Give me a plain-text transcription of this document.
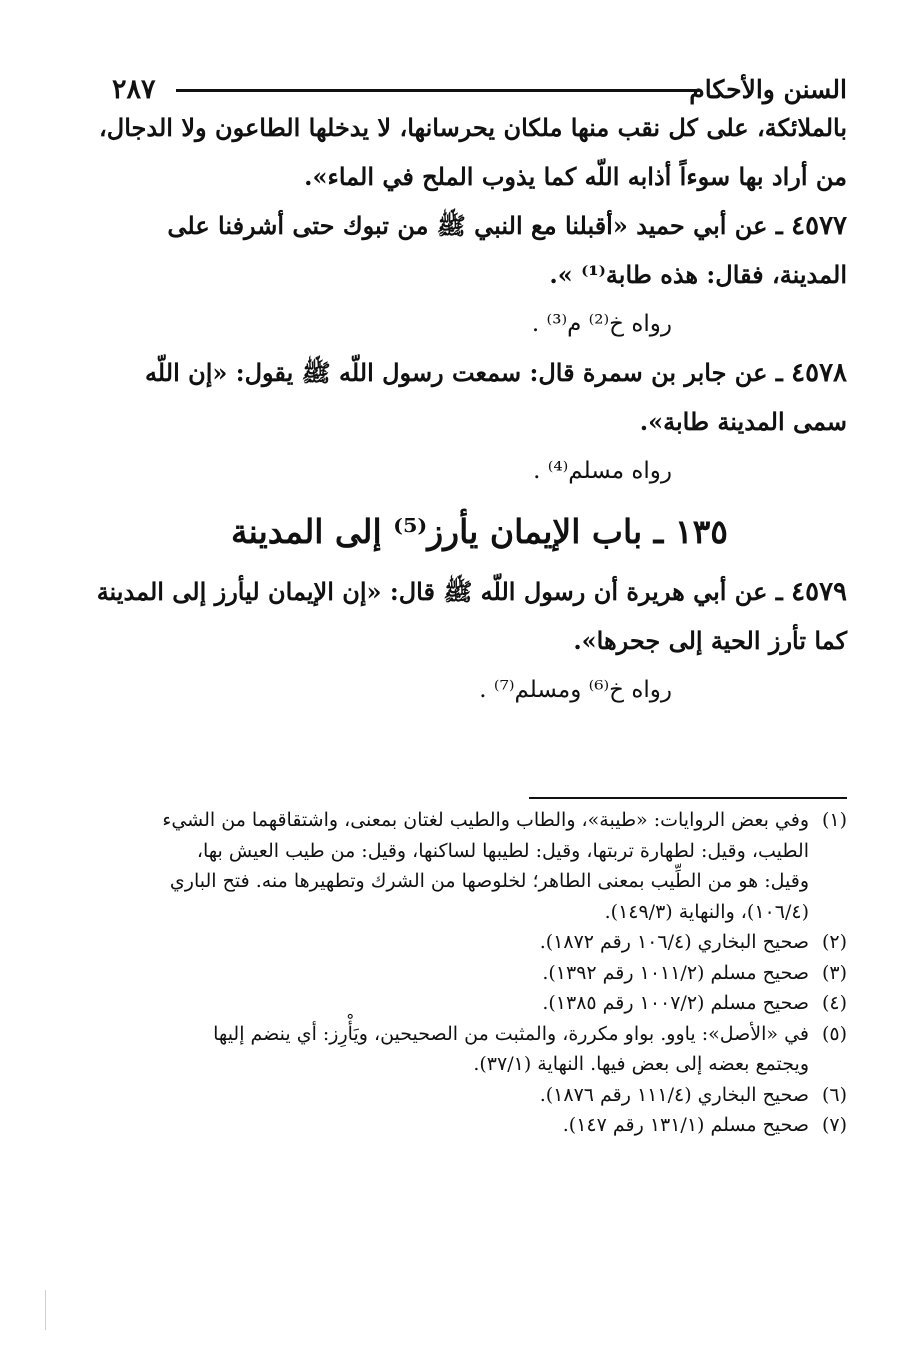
السنن والأحكام
٢٨٧
بالملائكة، على كل نقب منها ملكان يحرسانها، لا يدخلها الطاعون ولا الدجال،
من أراد بها سوءاً أذابه اللّه كما يذوب الملح في الماء».
٤٥٧٧ ـ عن أبي حميد «أقبلنا مع النبي ﷺ من تبوك حتى أشرفنا على
المدينة، فقال: هذه طابة⁽¹⁾ ».
رواه خ⁽²⁾ م⁽³⁾ .
٤٥٧٨ ـ عن جابر بن سمرة قال: سمعت رسول اللّه ﷺ يقول: «إن اللّه
سمى المدينة طابة».
رواه مسلم⁽⁴⁾ .
١٣٥ ـ باب الإيمان يأرز⁽⁵⁾ إلى المدينة
٤٥٧٩ ـ عن أبي هريرة أن رسول اللّه ﷺ قال: «إن الإيمان ليأرز إلى المدينة
كما تأرز الحية إلى جحرها».
رواه خ⁽⁶⁾ ومسلم⁽⁷⁾ .
(١)
وفي بعض الروايات: «طيبة»، والطاب والطيب لغتان بمعنى، واشتقاقهما من الشيء
الطيب، وقيل: لطهارة تربتها، وقيل: لطيبها لساكنها، وقيل: من طيب العيش بها،
وقيل: هو من الطِّيب بمعنى الطاهر؛ لخلوصها من الشرك وتطهيرها منه. فتح الباري
(١٠٦/٤)، والنهاية (١٤٩/٣).
(٢)
صحيح البخاري (١٠٦/٤ رقم ١٨٧٢).
(٣)
صحيح مسلم (١٠١١/٢ رقم ١٣٩٢).
(٤)
صحيح مسلم (١٠٠٧/٢ رقم ١٣٨٥).
(٥)
في «الأصل»: ياوو. بواو مكررة، والمثبت من الصحيحين، ويَأْرِز: أي ينضم إليها
ويجتمع بعضه إلى بعض فيها. النهاية (٣٧/١).
(٦)
صحيح البخاري (١١١/٤ رقم ١٨٧٦).
(٧)
صحيح مسلم (١٣١/١ رقم ١٤٧).
